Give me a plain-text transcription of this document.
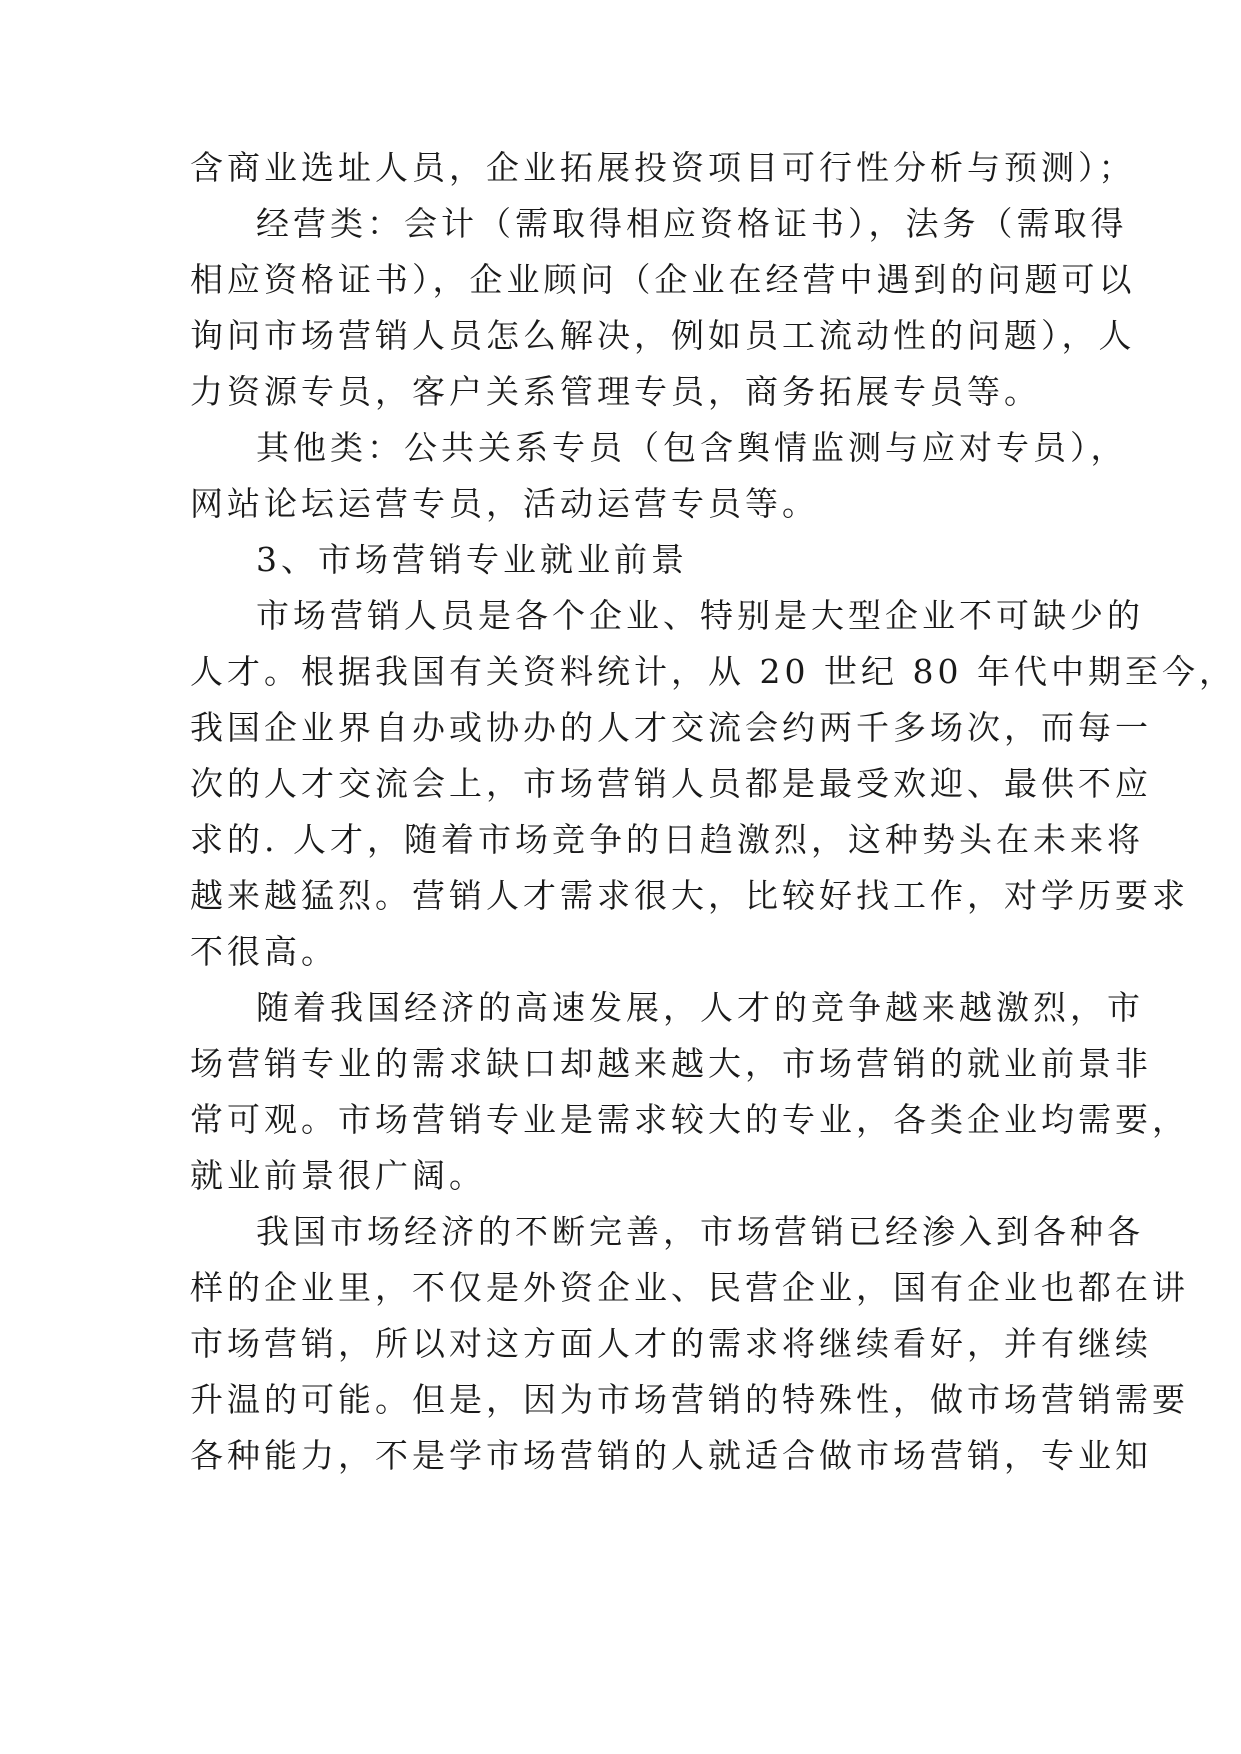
含商业选址人员，企业拓展投资项目可行性分析与预测）；
经营类：会计（需取得相应资格证书），法务（需取得
相应资格证书），企业顾问（企业在经营中遇到的问题可以
询问市场营销人员怎么解决，例如员工流动性的问题），人
力资源专员，客户关系管理专员，商务拓展专员等。
其他类：公共关系专员（包含舆情监测与应对专员），
网站论坛运营专员，活动运营专员等。
3、市场营销专业就业前景
市场营销人员是各个企业、特别是大型企业不可缺少的
人才。根据我国有关资料统计，从 20 世纪 80 年代中期至今，
我国企业界自办或协办的人才交流会约两千多场次，而每一
次的人才交流会上，市场营销人员都是最受欢迎、最供不应
求的. 人才，随着市场竞争的日趋激烈，这种势头在未来将
越来越猛烈。营销人才需求很大，比较好找工作，对学历要求
不很高。
随着我国经济的高速发展，人才的竞争越来越激烈，市
场营销专业的需求缺口却越来越大，市场营销的就业前景非
常可观。市场营销专业是需求较大的专业，各类企业均需要，
就业前景很广阔。
我国市场经济的不断完善，市场营销已经渗入到各种各
样的企业里，不仅是外资企业、民营企业，国有企业也都在讲
市场营销，所以对这方面人才的需求将继续看好，并有继续
升温的可能。但是，因为市场营销的特殊性，做市场营销需要
各种能力，不是学市场营销的人就适合做市场营销，专业知
